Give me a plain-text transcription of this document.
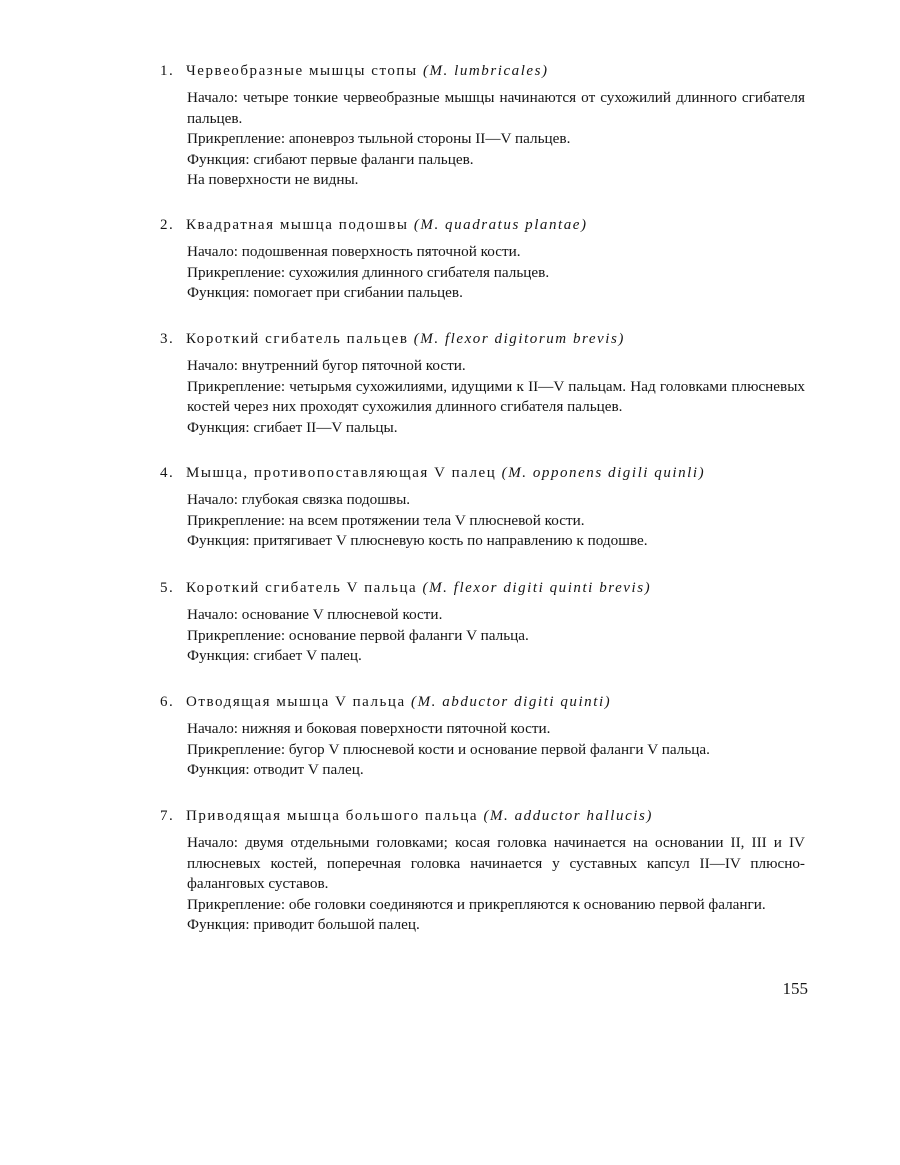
1. Червеобразные мышцы стопы (M. lumbricales)

Начало: четыре тонкие червеобразные мышцы начинаются от сухожилий длинного сгибателя пальцев.

Прикрепление: апоневроз тыльной стороны II—V пальцев.

Функция: сгибают первые фаланги пальцев.

На поверхности не видны.

2. Квадратная мышца подошвы (M. quadratus plantae)

Начало: подошвенная поверхность пяточной кости.

Прикрепление: сухожилия длинного сгибателя пальцев.

Функция: помогает при сгибании пальцев.

3. Короткий сгибатель пальцев (M. flexor digitorum brevis)

Начало: внутренний бугор пяточной кости.

Прикрепление: четырьмя сухожилиями, идущими к II—V пальцам. Над головками плюсневых костей через них проходят сухожилия длинного сгибателя пальцев.

Функция: сгибает II—V пальцы.

4. Мышца, противопоставляющая V палец (M. opponens digili quinli)

Начало: глубокая связка подошвы.

Прикрепление: на всем протяжении тела V плюсневой кости.

Функция: притягивает V плюсневую кость по направлению к подошве.

5. Короткий сгибатель V пальца (M. flexor digiti quinti brevis)

Начало: основание V плюсневой кости.

Прикрепление: основание первой фаланги V пальца.

Функция: сгибает V палец.

6. Отводящая мышца V пальца (M. abductor digiti quinti)

Начало: нижняя и боковая поверхности пяточной кости.

Прикрепление: бугор V плюсневой кости и основание первой фаланги V пальца.

Функция: отводит V палец.

7. Приводящая мышца большого пальца (M. adductor hallucis)

Начало: двумя отдельными головками; косая головка начинается на основании II, III и IV плюсневых костей, поперечная головка начинается у суставных капсул II—IV плюсно-фаланговых суставов.

Прикрепление: обе головки соединяются и прикрепляются к основанию первой фаланги.

Функция: приводит большой палец.

155
